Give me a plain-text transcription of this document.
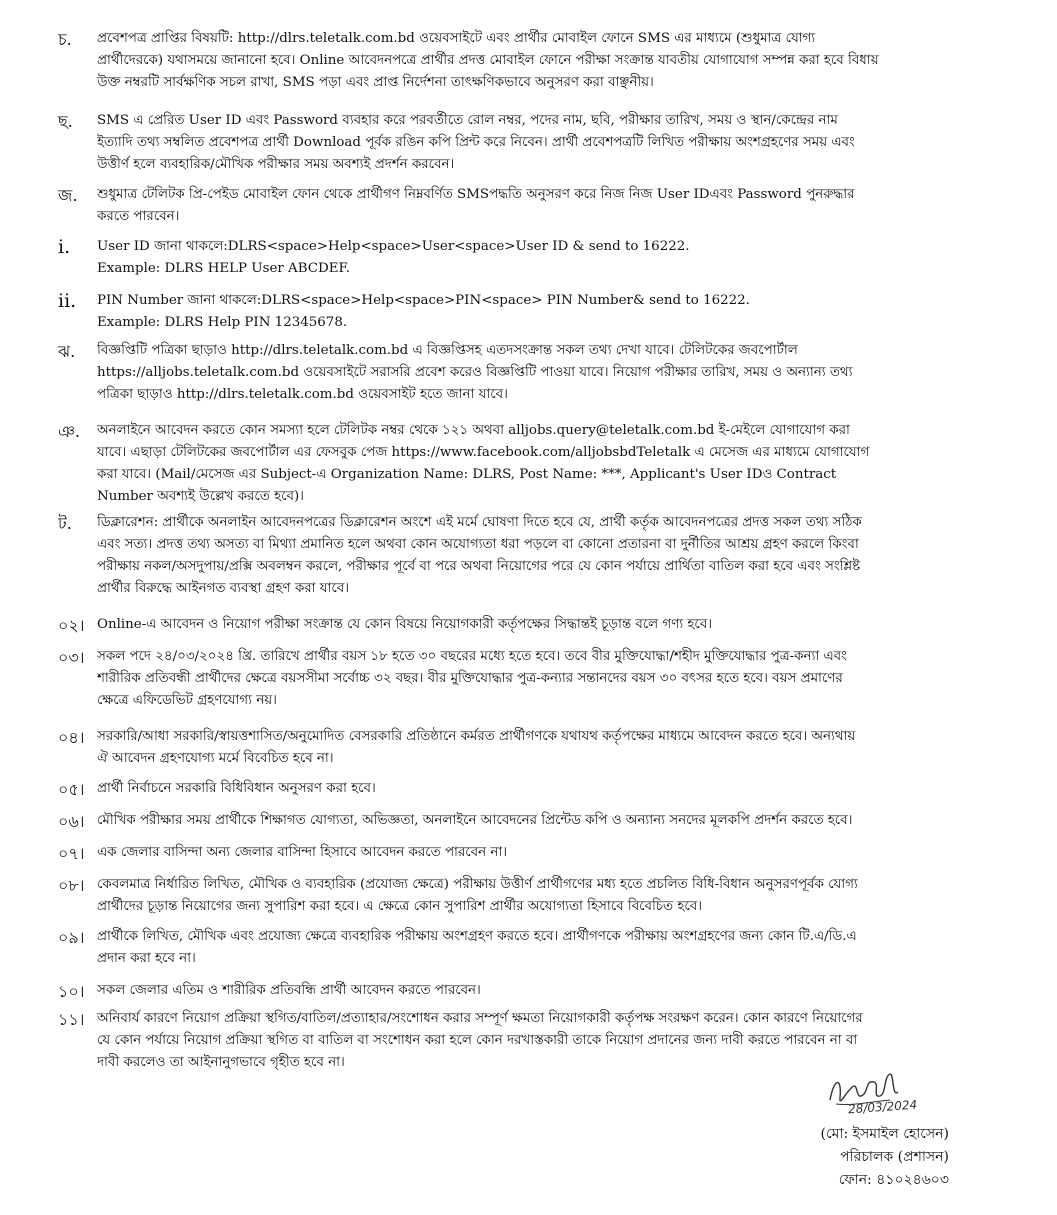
চ. প্রবেশপত্র প্রাপ্তির বিষয়টি: http://dlrs.teletalk.com.bd ওয়েবসাইটে এবং প্রার্থীর মোবাইল ফোনে SMS এর মাধ্যমে (শুধুমাত্র যোগ্য
প্রার্থীদেরকে) যথাসময়ে জানানো হবে। Online আবেদনপত্রে প্রার্থীর প্রদত্ত মোবাইল ফোনে পরীক্ষা সংক্রান্ত যাবতীয় যোগাযোগ সম্পন্ন করা হবে বিধায়
উক্ত নম্বরটি সার্বক্ষণিক সচল রাখা, SMS পড়া এবং প্রাপ্ত নির্দেশনা তাৎক্ষণিকভাবে অনুসরণ করা বাঞ্ছনীয়।
ছ. SMS এ প্রেরিত User ID এবং Password ব্যবহার করে পরবর্তীতে রোল নম্বর, পদের নাম, ছবি, পরীক্ষার তারিখ, সময় ও স্থান/কেন্দ্রের নাম
ইত্যাদি তথ্য সম্বলিত প্রবেশপত্র প্রার্থী Download পূর্বক রঙিন কপি প্রিন্ট করে নিবেন। প্রার্থী প্রবেশপত্রটি লিখিত পরীক্ষায় অংশগ্রহণের সময় এবং
উত্তীর্ণ হলে ব্যবহারিক/মৌখিক পরীক্ষার সময় অবশ্যই প্রদর্শন করবেন।
জ. শুধুমাত্র টেলিটক প্রি-পেইড মোবাইল ফোন থেকে প্রার্থীগণ নিম্নবর্ণিত SMSপদ্ধতি অনুসরণ করে নিজ নিজ User IDএবং Password পুনরুদ্ধার
করতে পারবেন।
i. User ID জানা থাকলে:DLRS<space>Help<space>User<space>User ID & send to 16222.
Example: DLRS HELP User ABCDEF.
ii. PIN Number জানা থাকলে:DLRS<space>Help<space>PIN<space> PIN Number& send to 16222.
Example: DLRS Help PIN 12345678.
ঝ. বিজ্ঞপ্তিটি পত্রিকা ছাড়াও http://dlrs.teletalk.com.bd এ বিজ্ঞপ্তিসহ এতদসংক্রান্ত সকল তথ্য দেখা যাবে। টেলিটকের জবপোর্টাল
https://alljobs.teletalk.com.bd ওয়েবসাইটে সরাসরি প্রবেশ করেও বিজ্ঞপ্তিটি পাওয়া যাবে। নিয়োগ পরীক্ষার তারিখ, সময় ও অন্যান্য তথ্য
পত্রিকা ছাড়াও http://dlrs.teletalk.com.bd ওয়েবসাইট হতে জানা যাবে।
ঞ. অনলাইনে আবেদন করতে কোন সমস্যা হলে টেলিটক নম্বর থেকে ১২১ অথবা alljobs.query@teletalk.com.bd ই-মেইলে যোগাযোগ করা
যাবে। এছাড়া টেলিটকের জবপোর্টাল এর ফেসবুক পেজ https://www.facebook.com/alljobsbdTeletalk এ মেসেজ এর মাধ্যমে যোগাযোগ
করা যাবে। (Mail/মেসেজ এর Subject-এ Organization Name: DLRS, Post Name: ***, Applicant's User IDও Contract
Number অবশ্যই উল্লেখ করতে হবে)।
ট. ডিক্লারেশন: প্রার্থীকে অনলাইন আবেদনপত্রের ডিক্লারেশন অংশে এই মর্মে ঘোষণা দিতে হবে যে, প্রার্থী কর্তৃক আবেদনপত্রের প্রদত্ত সকল তথ্য সঠিক
এবং সত্য। প্রদত্ত তথ্য অসত্য বা মিথ্যা প্রমানিত হলে অথবা কোন অযোগ্যতা ধরা পড়লে বা কোনো প্রতারনা বা দুর্নীতির আশ্রয় গ্রহণ করলে কিংবা
পরীক্ষায় নকল/অসদুপায়/প্রক্সি অবলম্বন করলে, পরীক্ষার পূর্বে বা পরে অথবা নিয়োগের পরে যে কোন পর্যায়ে প্রার্থিতা বাতিল করা হবে এবং সংশ্লিষ্ট
প্রার্থীর বিরুদ্ধে আইনগত ব্যবস্থা গ্রহণ করা যাবে।
০২। Online-এ আবেদন ও নিয়োগ পরীক্ষা সংক্রান্ত যে কোন বিষয়ে নিয়োগকারী কর্তৃপক্ষের সিদ্ধান্তই চূড়ান্ত বলে গণ্য হবে।
০৩। সকল পদে ২৪/০৩/২০২৪ খ্রি. তারিখে প্রার্থীর বয়স ১৮ হতে ৩০ বছরের মধ্যে হতে হবে। তবে বীর মুক্তিযোদ্ধা/শহীদ মুক্তিযোদ্ধার পুত্র-কন্যা এবং
শারীরিক প্রতিবন্ধী প্রার্থীদের ক্ষেত্রে বয়সসীমা সর্বোচ্চ ৩২ বছর। বীর মুক্তিযোদ্ধার পুত্র-কন্যার সন্তানদের বয়স ৩০ বৎসর হতে হবে। বয়স প্রমাণের
ক্ষেত্রে এফিডেভিট গ্রহণযোগ্য নয়।
০৪। সরকারি/আধা সরকারি/স্বায়ত্তশাসিত/অনুমোদিত বেসরকারি প্রতিষ্ঠানে কর্মরত প্রার্থীগণকে যথাযথ কর্তৃপক্ষের মাধ্যমে আবেদন করতে হবে। অন্যথায়
ঐ আবেদন গ্রহণযোগ্য মর্মে বিবেচিত হবে না।
০৫। প্রার্থী নির্বাচনে সরকারি বিধিবিধান অনুসরণ করা হবে।
০৬। মৌখিক পরীক্ষার সময় প্রার্থীকে শিক্ষাগত যোগ্যতা, অভিজ্ঞতা, অনলাইনে আবেদনের প্রিন্টেড কপি ও অন্যান্য সনদের মূলকপি প্রদর্শন করতে হবে।
০৭। এক জেলার বাসিন্দা অন্য জেলার বাসিন্দা হিসাবে আবেদন করতে পারবেন না।
০৮। কেবলমাত্র নির্ধারিত লিখিত, মৌখিক ও ব্যবহারিক (প্রযোজ্য ক্ষেত্রে) পরীক্ষায় উত্তীর্ণ প্রার্থীগণের মধ্য হতে প্রচলিত বিধি-বিধান অনুসরণপূর্বক যোগ্য
প্রার্থীদের চূড়ান্ত নিয়োগের জন্য সুপারিশ করা হবে। এ ক্ষেত্রে কোন সুপারিশ প্রার্থীর অযোগ্যতা হিসাবে বিবেচিত হবে।
০৯। প্রার্থীকে লিখিত, মৌখিক এবং প্রযোজ্য ক্ষেত্রে ব্যবহারিক পরীক্ষায় অংশগ্রহণ করতে হবে। প্রার্থীগণকে পরীক্ষায় অংশগ্রহণের জন্য কোন টি.এ/ডি.এ
প্রদান করা হবে না।
১০। সকল জেলার এতিম ও শারীরিক প্রতিবন্ধি প্রার্থী আবেদন করতে পারবেন।
১১। অনিবার্য কারণে নিয়োগ প্রক্রিয়া স্থগিত/বাতিল/প্রত্যাহার/সংশোধন করার সম্পূর্ণ ক্ষমতা নিয়োগকারী কর্তৃপক্ষ সংরক্ষণ করেন। কোন কারণে নিয়োগের
যে কোন পর্যায়ে নিয়োগ প্রক্রিয়া স্থগিত বা বাতিল বা সংশোধন করা হলে কোন দরখাস্তকারী তাকে নিয়োগ প্রদানের জন্য দাবী করতে পারবেন না বা
দাবী করলেও তা আইনানুগভাবে গৃহীত হবে না।
28/03/2024
(মো: ইসমাইল হোসেন)
পরিচালক (প্রশাসন)
ফোন: ৪১০২৪৬০৩
